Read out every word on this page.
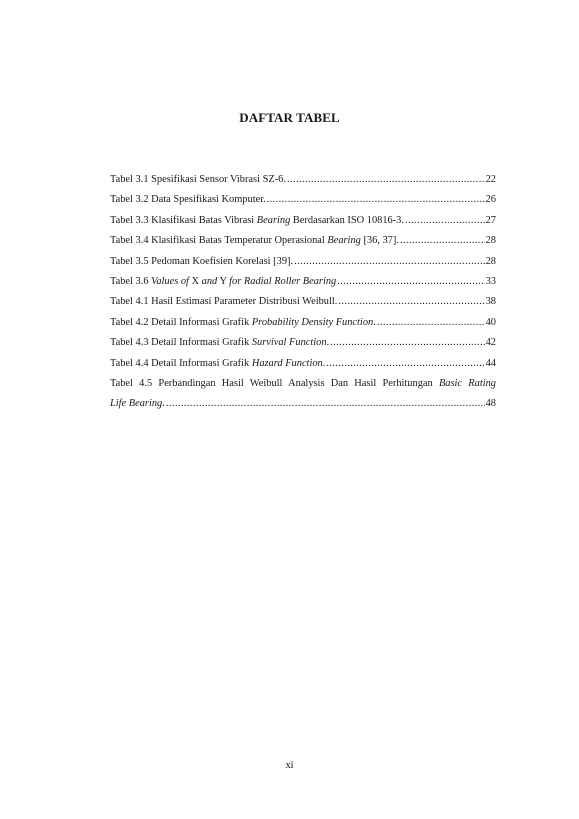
DAFTAR TABEL
Tabel 3.1 Spesifikasi Sensor Vibrasi SZ-6. .....	22
Tabel 3.2 Data Spesifikasi Komputer. .....	26
Tabel 3.3 Klasifikasi Batas Vibrasi Bearing Berdasarkan ISO 10816-3. .....	27
Tabel 3.4 Klasifikasi Batas Temperatur Operasional Bearing [36, 37]. .....	28
Tabel 3.5 Pedoman Koefisien Korelasi [39]. .....	28
Tabel 3.6 Values of X and Y for Radial Roller Bearing .....	33
Tabel 4.1 Hasil Estimasi Parameter Distribusi Weibull. .....	38
Tabel 4.2 Detail Informasi Grafik Probability Density Function. .....	40
Tabel 4.3 Detail Informasi Grafik Survival Function. .....	42
Tabel 4.4 Detail Informasi Grafik Hazard Function. .....	44
Tabel 4.5 Perbandingan Hasil Weibull Analysis Dan Hasil Perhitungan Basic Rating
Life Bearing. .....	48
xi
